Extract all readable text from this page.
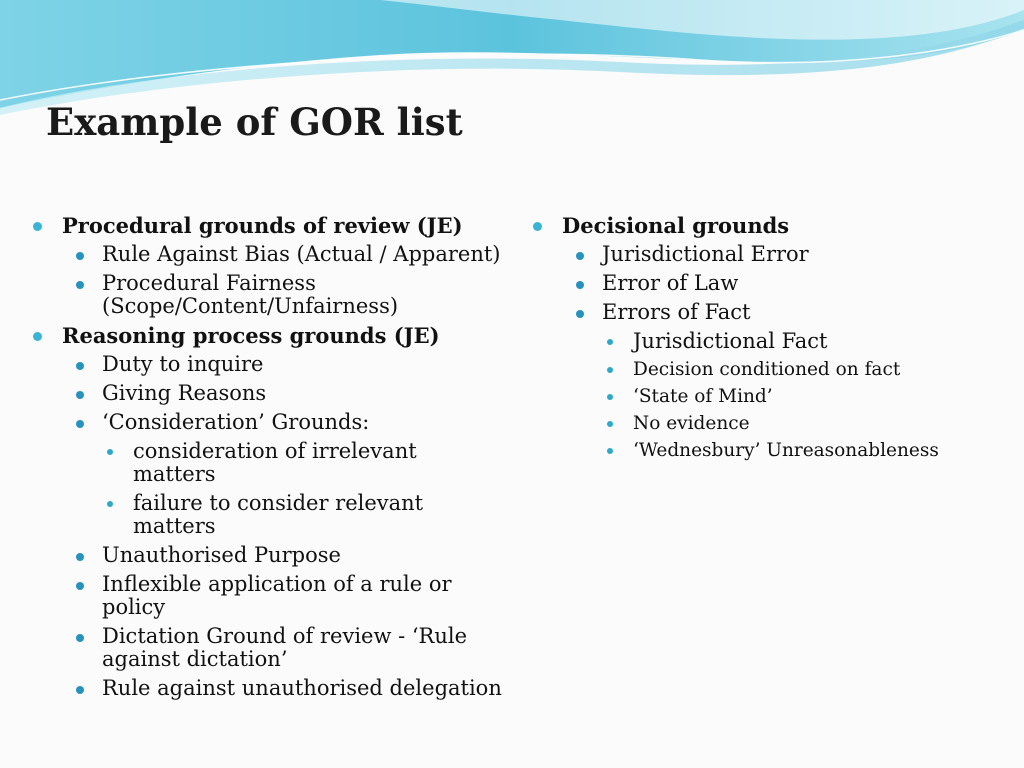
Example of GOR list
Procedural grounds of review (JE)
Rule Against Bias (Actual / Apparent)
Procedural Fairness (Scope/Content/Unfairness)
Reasoning process grounds (JE)
Duty to inquire
Giving Reasons
‘Consideration’ Grounds:
consideration of irrelevant matters
failure to consider relevant matters
Unauthorised Purpose
Inflexible application of a rule or policy
Dictation Ground of review - ‘Rule against dictation’
Rule against unauthorised delegation
Decisional grounds
Jurisdictional Error
Error of Law
Errors of Fact
Jurisdictional Fact
Decision conditioned on fact
‘State of Mind’
No evidence
‘Wednesbury’ Unreasonableness
